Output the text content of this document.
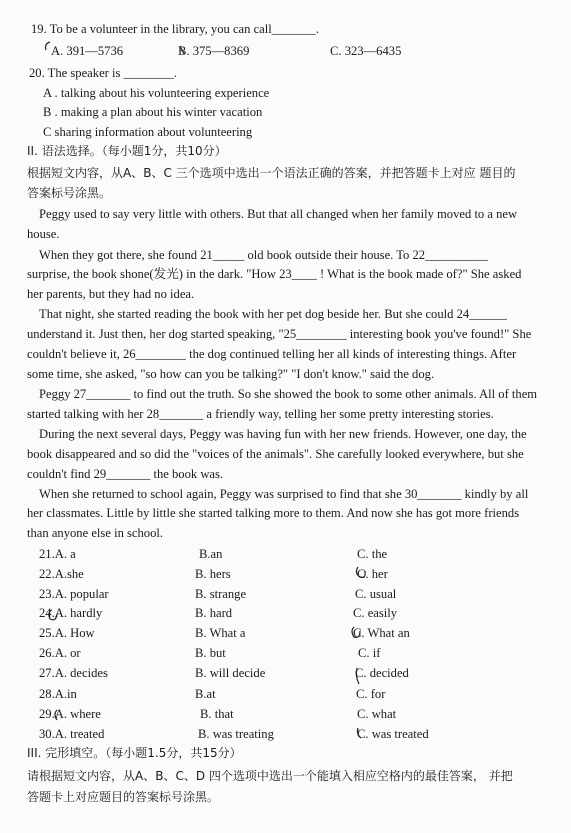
19. To be a volunteer in the library, you can call_______.
A. 391—5736	B. 375—8369	C. 323—6435
20. The speaker is ________.
A . talking about his volunteering experience
B . making a plan about his winter vacation
C sharing information about volunteering
II. 语法选择。（每小题1分，共10分）
根据短文内容，从A、B、C 三个选项中选出一个语法正确的答案，并把答题卡上对应 题目的
答案标号涂黑。
Peggy used to say very little with others. But that all changed when her family moved to a new
house.
When they got there, she found 21_____ old book outside their house. To 22__________
surprise, the book shone(发光) in the dark. "How 23____ ! What is the book made of?" She asked
her parents, but they had no idea.
That night, she started reading the book with her pet dog beside her. But she could 24______
understand it. Just then, her dog started speaking, "25________ interesting book you've found!" She
couldn't believe it, 26________ the dog continued telling her all kinds of interesting things. After
some time, she asked, "so how can you be talking?" "I don't know." said the dog.
Peggy 27_______ to find out the truth. So she showed the book to some other animals. All of them
started talking with her 28_______ a friendly way, telling her some pretty interesting stories.
During the next several days, Peggy was having fun with her new friends. However, one day, the
book disappeared and so did the "voices of the animals". She carefully looked everywhere, but she
couldn't find 29_______ the book was.
When she returned to school again, Peggy was surprised to find that she 30_______ kindly by all
her classmates. Little by little she started talking more to them. And now she has got more friends
than anyone else in school.
21.A. a	B.an	C. the
22.A.she	B. hers	C. her
23.A. popular	B. strange	C. usual
24.A. hardly	B. hard	C. easily
25.A. How	B. What a	C. What an
26.A. or	B. but	C. if
27.A. decides	B. will decide	C. decided
28.A.in	B.at	C. for
29.A. where	B. that	C. what
30.A. treated	B. was treating	C. was treated
III. 完形填空。（每小题1.5分，共15分）
请根据短文内容，从A、B、C、D 四个选项中选出一个能填入相应空格内的最佳答案， 并把
答题卡上对应题目的答案标号涂黑。
